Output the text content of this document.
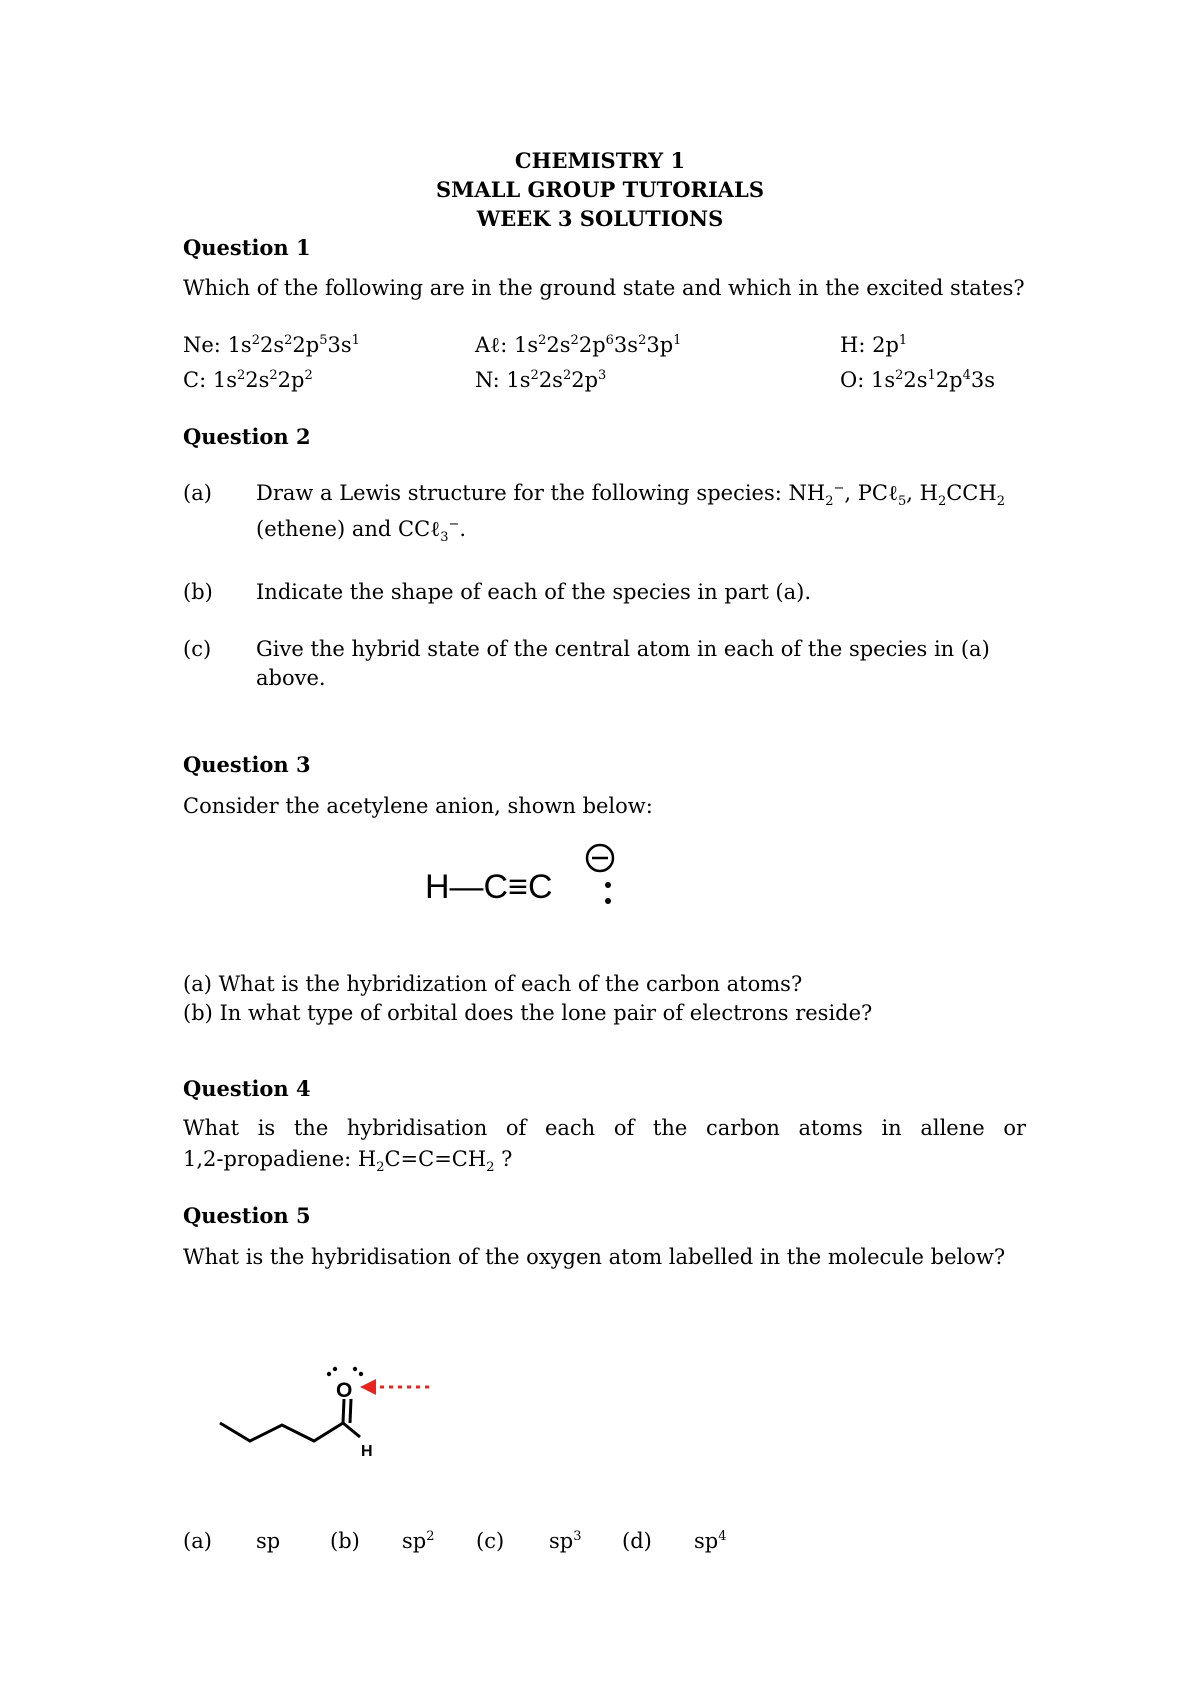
CHEMISTRY 1
SMALL GROUP TUTORIALS
WEEK 3 SOLUTIONS
Question 1
Which of the following are in the ground state and which in the excited states?
Ne: $1s^22s^22p^53s^1$	Aℓ: $1s^22s^22p^63s^23p^1$	H: $2p^1$
C: $1s^22s^22p^2$	N: $1s^22s^22p^3$	O: $1s^22s^12p^43s$
Question 2
(a) Draw a Lewis structure for the following species: $NH_2^-$, PCℓ$_5$, $H_2CCH_2$
(ethene) and CCℓ$_3$−.
(b) Indicate the shape of each of the species in part (a).
(c) Give the hybrid state of the central atom in each of the species in (a)
above.
Question 3
Consider the acetylene anion, shown below:
H—C≡C
(a) What is the hybridization of each of the carbon atoms?
(b) In what type of orbital does the lone pair of electrons reside?
Question 4
What is the hybridisation of each of the carbon atoms in allene or
1,2-propadiene: $H_2C=C=CH_2$ ?
Question 5
What is the hybridisation of the oxygen atom labelled in the molecule below?
O
H
(a) sp (b) $sp^2$ (c) $sp^3$ (d) $sp^4$
